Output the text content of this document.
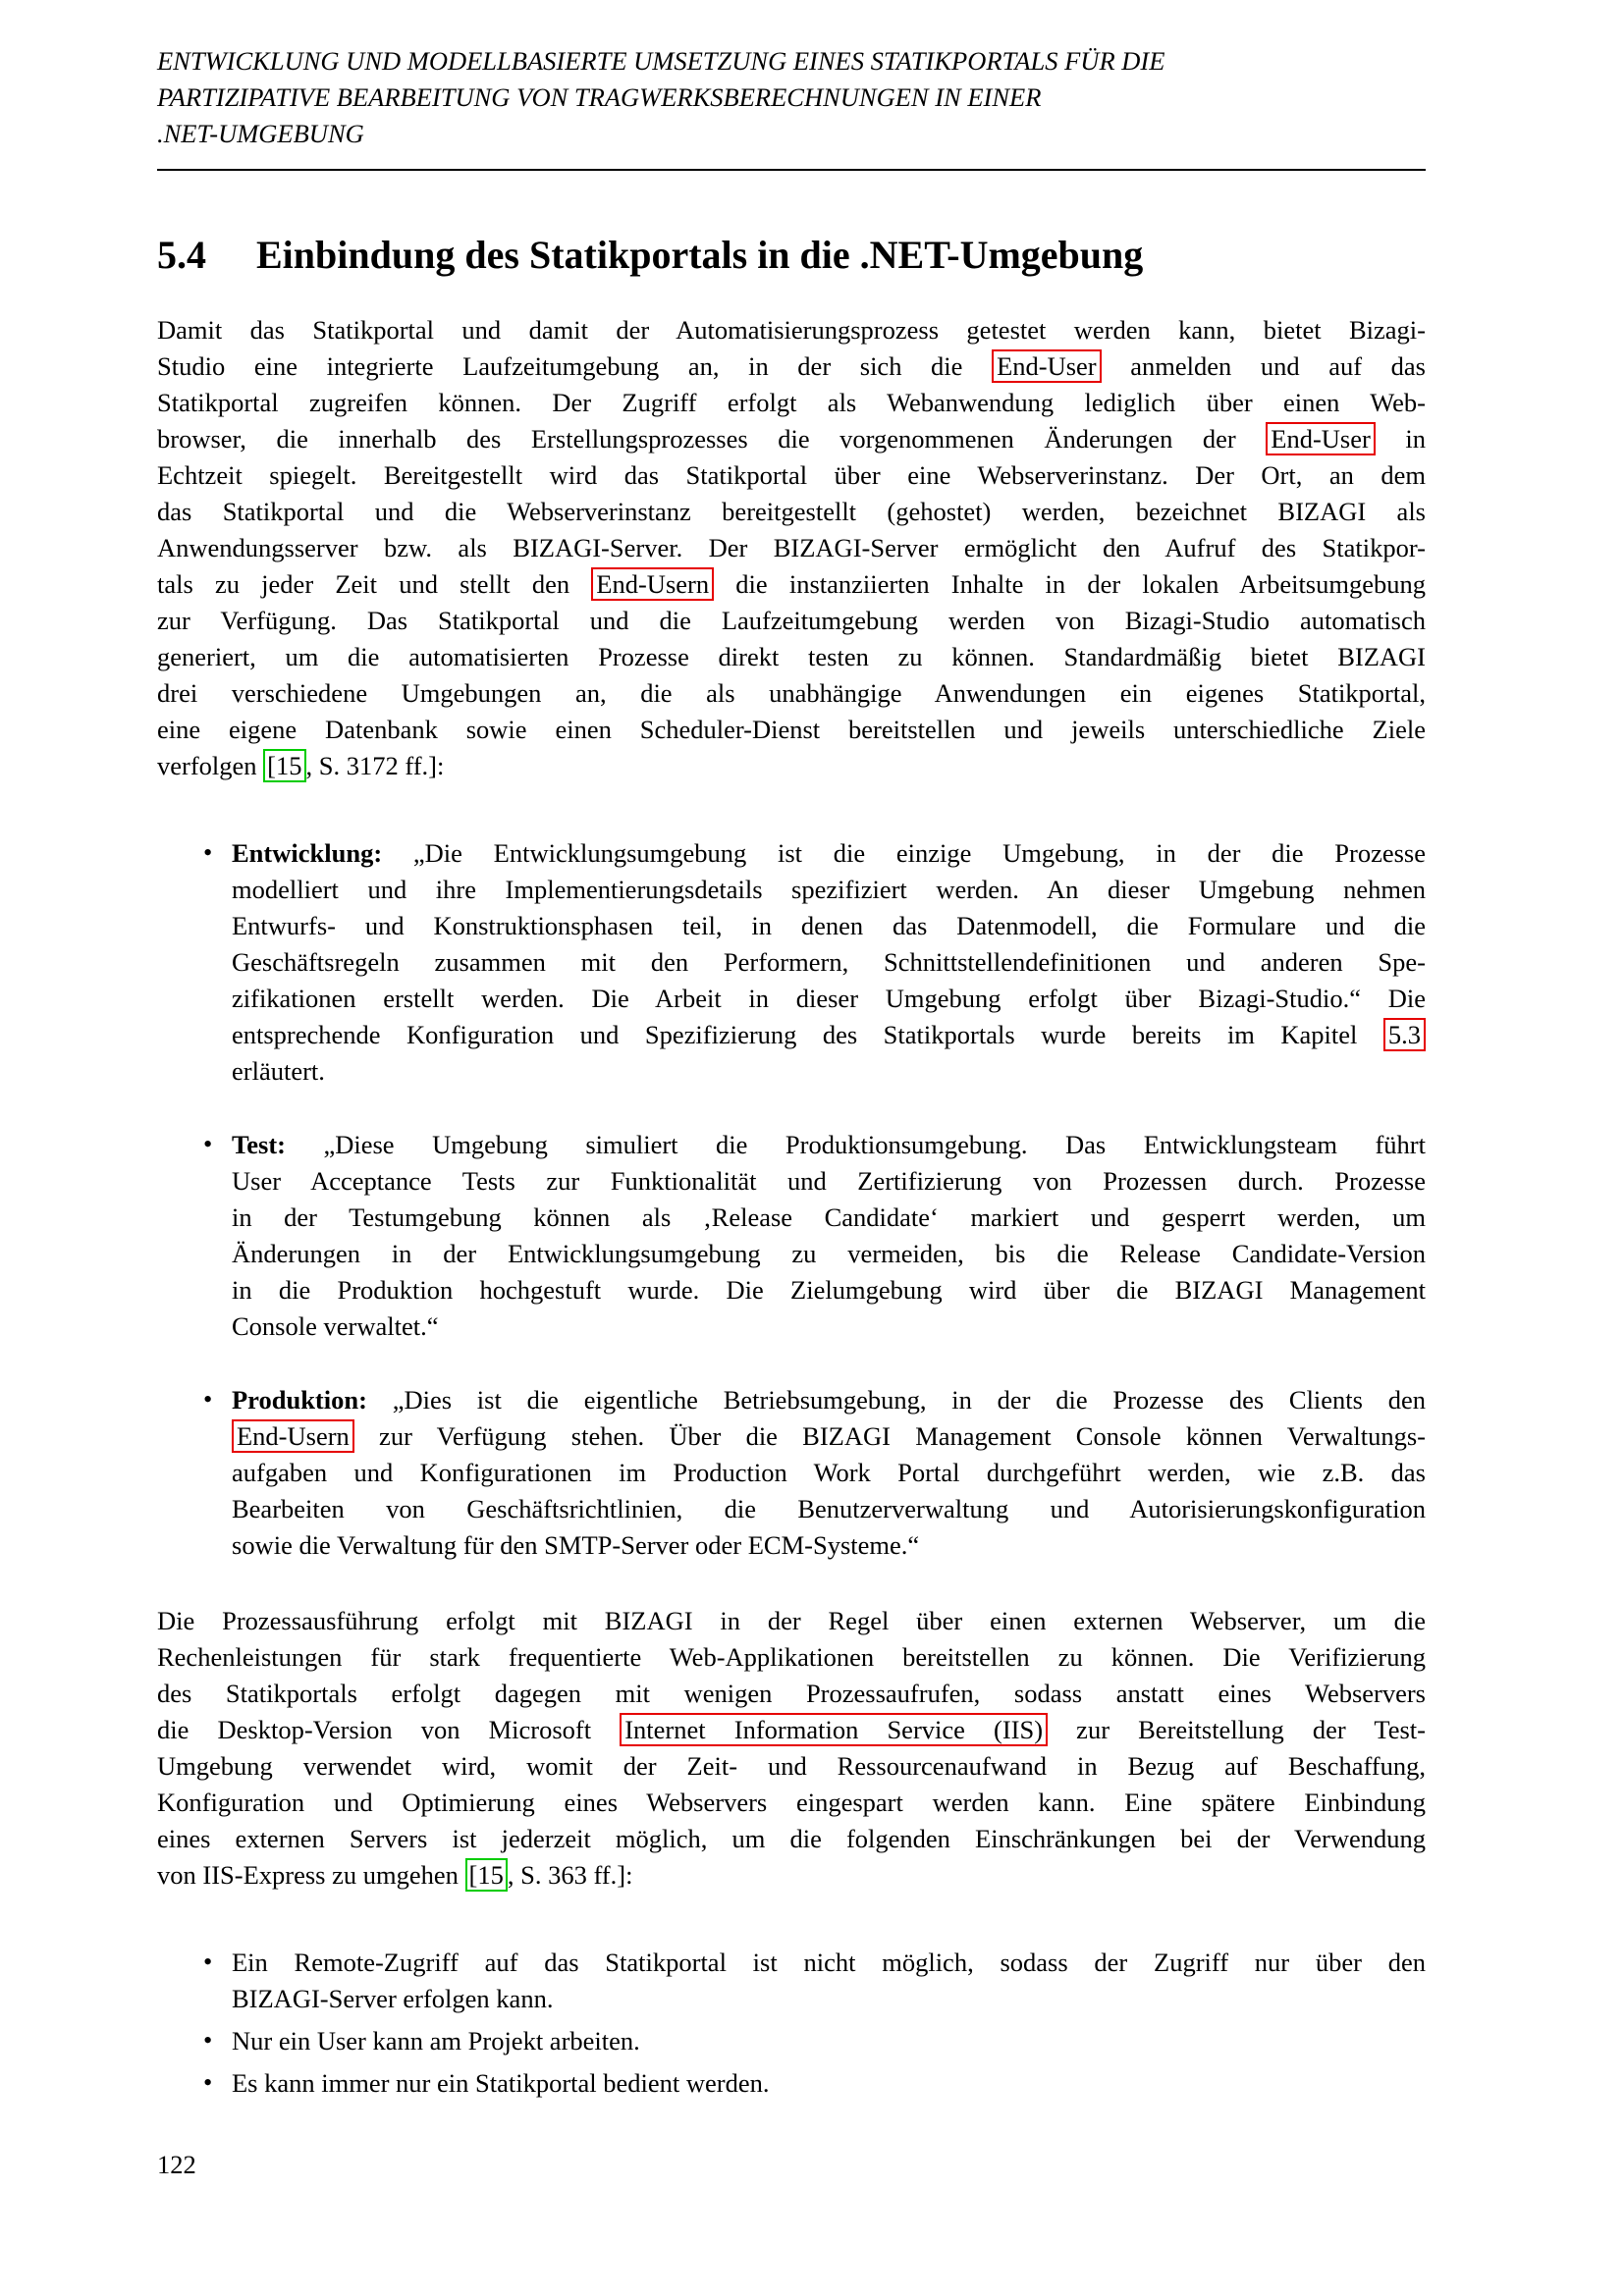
ENTWICKLUNG UND MODELLBASIERTE UMSETZUNG EINES STATIKPORTALS FÜR DIE
PARTIZIPATIVE BEARBEITUNG VON TRAGWERKSBERECHNUNGEN IN EINER
.NET-UMGEBUNG
5.4	Einbindung des Statikportals in die .NET-Umgebung
Damit das Statikportal und damit der Automatisierungsprozess getestet werden kann, bietet Bizagi-
Studio eine integrierte Laufzeitumgebung an, in der sich die End-User anmelden und auf das
Statikportal zugreifen können. Der Zugriff erfolgt als Webanwendung lediglich über einen Web-
browser, die innerhalb des Erstellungsprozesses die vorgenommenen Änderungen der End-User in
Echtzeit spiegelt. Bereitgestellt wird das Statikportal über eine Webserverinstanz. Der Ort, an dem
das Statikportal und die Webserverinstanz bereitgestellt (gehostet) werden, bezeichnet BIZAGI als
Anwendungsserver bzw. als BIZAGI-Server. Der BIZAGI-Server ermöglicht den Aufruf des Statikpor-
tals zu jeder Zeit und stellt den End-Usern die instanziierten Inhalte in der lokalen Arbeitsumgebung
zur Verfügung. Das Statikportal und die Laufzeitumgebung werden von Bizagi-Studio automatisch
generiert, um die automatisierten Prozesse direkt testen zu können. Standardmäßig bietet BIZAGI
drei verschiedene Umgebungen an, die als unabhängige Anwendungen ein eigenes Statikportal,
eine eigene Datenbank sowie einen Scheduler-Dienst bereitstellen und jeweils unterschiedliche Ziele
verfolgen [15 , S. 3172 ff.]:
• Entwicklung: „Die Entwicklungsumgebung ist die einzige Umgebung, in der die Prozesse
modelliert und ihre Implementierungsdetails spezifiziert werden. An dieser Umgebung nehmen
Entwurfs- und Konstruktionsphasen teil, in denen das Datenmodell, die Formulare und die
Geschäftsregeln zusammen mit den Performern, Schnittstellendefinitionen und anderen Spe-
zifikationen erstellt werden. Die Arbeit in dieser Umgebung erfolgt über Bizagi-Studio.“ Die
entsprechende Konfiguration und Spezifizierung des Statikportals wurde bereits im Kapitel 5.3
erläutert.
• Test: „Diese Umgebung simuliert die Produktionsumgebung. Das Entwicklungsteam führt
User Acceptance Tests zur Funktionalität und Zertifizierung von Prozessen durch. Prozesse
in der Testumgebung können als ‚Release Candidate‘ markiert und gesperrt werden, um
Änderungen in der Entwicklungsumgebung zu vermeiden, bis die Release Candidate-Version
in die Produktion hochgestuft wurde. Die Zielumgebung wird über die BIZAGI Management
Console verwaltet.“
• Produktion: „Dies ist die eigentliche Betriebsumgebung, in der die Prozesse des Clients den
End-Usern zur Verfügung stehen. Über die BIZAGI Management Console können Verwaltungs-
aufgaben und Konfigurationen im Production Work Portal durchgeführt werden, wie z.B. das
Bearbeiten von Geschäftsrichtlinien, die Benutzerverwaltung und Autorisierungskonfiguration
sowie die Verwaltung für den SMTP-Server oder ECM-Systeme.“
Die Prozessausführung erfolgt mit BIZAGI in der Regel über einen externen Webserver, um die
Rechenleistungen für stark frequentierte Web-Applikationen bereitstellen zu können. Die Verifizierung
des Statikportals erfolgt dagegen mit wenigen Prozessaufrufen, sodass anstatt eines Webservers
die Desktop-Version von Microsoft Internet Information Service (IIS) zur Bereitstellung der Test-
Umgebung verwendet wird, womit der Zeit- und Ressourcenaufwand in Bezug auf Beschaffung,
Konfiguration und Optimierung eines Webservers eingespart werden kann. Eine spätere Einbindung
eines externen Servers ist jederzeit möglich, um die folgenden Einschränkungen bei der Verwendung
von IIS-Express zu umgehen [15 , S. 363 ff.]:
• Ein Remote-Zugriff auf das Statikportal ist nicht möglich, sodass der Zugriff nur über den
BIZAGI-Server erfolgen kann.
• Nur ein User kann am Projekt arbeiten.
• Es kann immer nur ein Statikportal bedient werden.
122
